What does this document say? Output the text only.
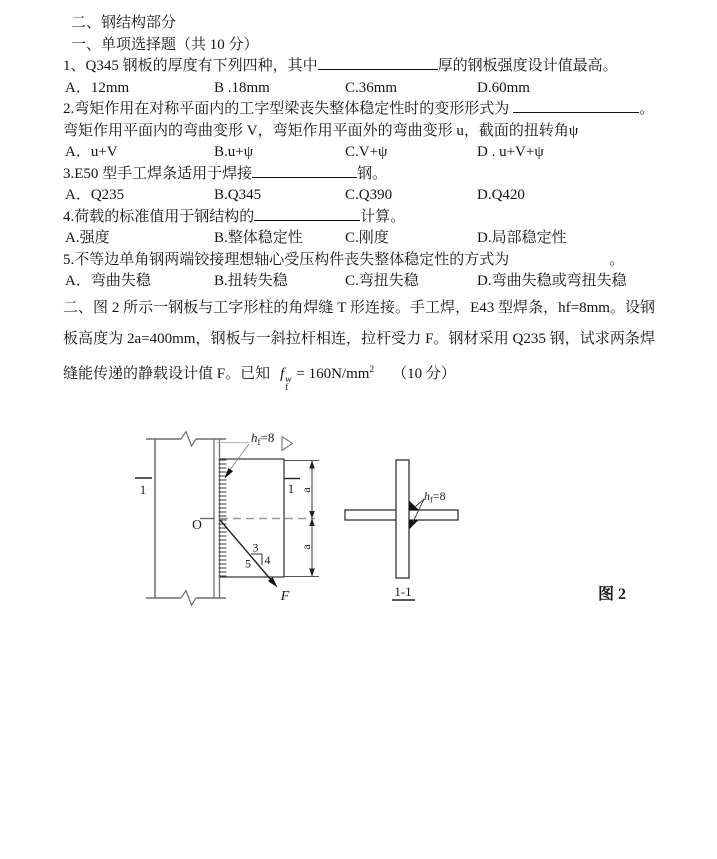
二、钢结构部分
一、单项选择题（共 10 分）
1、Q345 钢板的厚度有下列四种，其中	厚的钢板强度设计值最高。
A．12mm	B .18mm	C.36mm	D.60mm
2.弯矩作用在对称平面内的工字型梁丧失整体稳定性时的变形形式为	。
弯矩作用平面内的弯曲变形 V，弯矩作用平面外的弯曲变形 u，截面的扭转角ψ
A．u+V	B.u+ψ	C.V+ψ	D . u+V+ψ
3.E50 型手工焊条适用于焊接	钢。
A．Q235	B.Q345	C.Q390	D.Q420
4.荷载的标准值用于钢结构的	计算。
A.强度	B.整体稳定性	C.刚度	D.局部稳定性
5.不等边单角钢两端铰接理想轴心受压构件丧失整体稳定性的方式为	。
A．弯曲失稳	B.扭转失稳	C.弯扭失稳	D.弯曲失稳或弯扭失稳
二、图 2 所示一钢板与工字形柱的角焊缝 T 形连接。手工焊，E43 型焊条，hf=8mm。设钢
板高度为 2a=400mm，钢板与一斜拉杆相连，拉杆受力 F。钢材采用 Q235 钢，试求两条焊
缝能传递的静载设计值 F。已知 f w
f
= $160N/mm^2$ （10 分）
O
1	1 a
a
$h_f=8$
F
3
4
5
$h_f=8$
1-1	图 2
